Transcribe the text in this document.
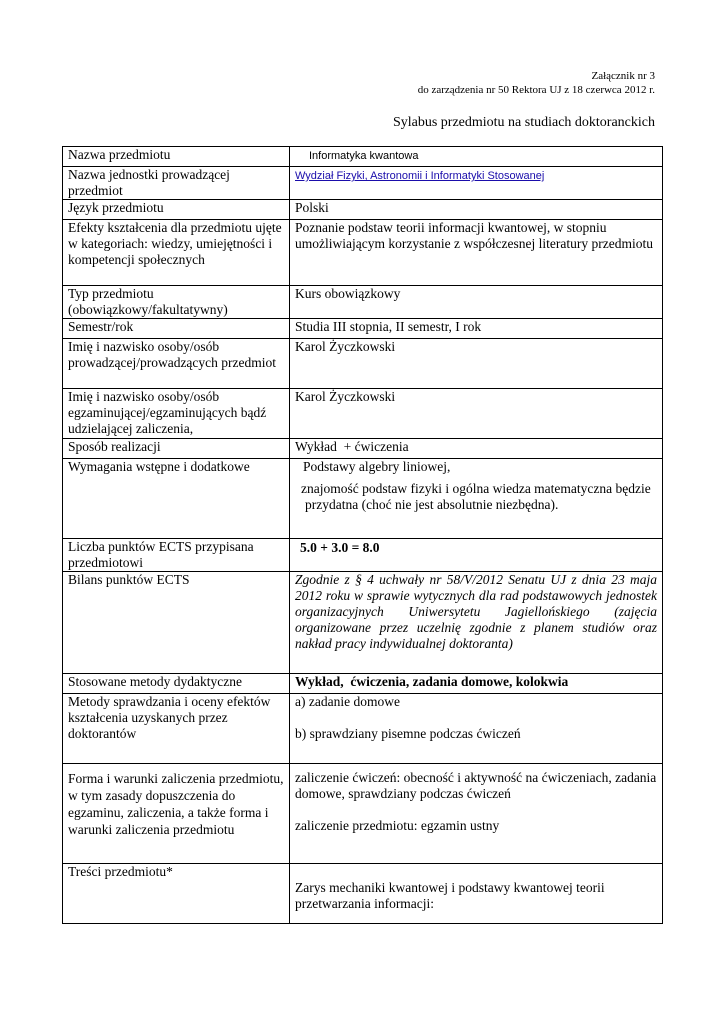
Załącznik nr 3
do zarządzenia nr 50 Rektora UJ z 18 czerwca 2012 r.
Sylabus przedmiotu na studiach doktoranckich
Nazwa przedmiotu	Informatyka kwantowa
Nazwa jednostki prowadzącej przedmiot	Wydział Fizyki, Astronomii i Informatyki Stosowanej
Język przedmiotu	Polski
Efekty kształcenia dla przedmiotu ujęte w kategoriach: wiedzy, umiejętności i kompetencji społecznych	Poznanie podstaw teorii informacji kwantowej, w stopniu umożliwiającym korzystanie z współczesnej literatury przedmiotu
Typ przedmiotu (obowiązkowy/fakultatywny)	Kurs obowiązkowy
Semestr/rok	Studia III stopnia, II semestr, I rok
Imię i nazwisko osoby/osób prowadzącej/prowadzących przedmiot	Karol Życzkowski
Imię i nazwisko osoby/osób egzaminującej/egzaminujących bądź udzielającej zaliczenia,	Karol Życzkowski
Sposób realizacji	Wykład  + ćwiczenia
Wymagania wstępne i dodatkowe	Podstawy algebry liniowej,

znajomość podstaw fizyki i ogólna wiedza matematyczna będzie przydatna (choć nie jest absolutnie niezbędna).

Liczba punktów ECTS przypisana przedmiotowi	5.0 + 3.0 = 8.0
Bilans punktów ECTS	Zgodnie z § 4 uchwały nr 58/V/2012 Senatu UJ z dnia 23 maja 2012 roku w sprawie wytycznych dla rad podstawowych jednostek organizacyjnych Uniwersytetu Jagiellońskiego (zajęcia organizowane przez uczelnię zgodnie z planem studiów oraz nakład pracy indywidualnej doktoranta)
Stosowane metody dydaktyczne	Wykład,  ćwiczenia, zadania domowe, kolokwia
Metody sprawdzania i oceny efektów kształcenia uzyskanych przez doktorantów	a) zadanie domowe

b) sprawdziany pisemne podczas ćwiczeń

Forma i warunki zaliczenia przedmiotu, w tym zasady dopuszczenia do egzaminu, zaliczenia, a także forma i warunki zaliczenia przedmiotu	zaliczenie ćwiczeń: obecność i aktywność na ćwiczeniach, zadania domowe, sprawdziany podczas ćwiczeń

zaliczenie przedmiotu: egzamin ustny

Treści przedmiotu*	Zarys mechaniki kwantowej i podstawy kwantowej teorii przetwarzania informacji:
